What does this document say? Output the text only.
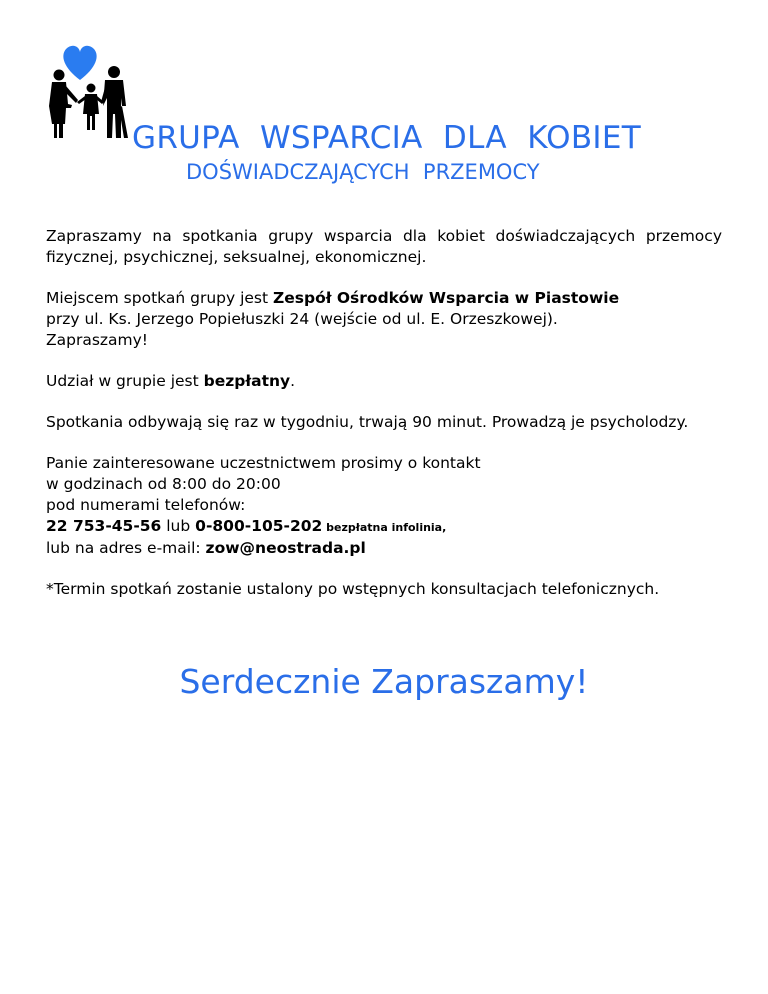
GRUPA  WSPARCIA  DLA  KOBIET
DOŚWIADCZAJĄCYCH  PRZEMOCY

Zapraszamy na spotkania grupy wsparcia dla kobiet doświadczających przemocy fizycznej, psychicznej, seksualnej, ekonomicznej.

Miejscem spotkań grupy jest Zespół Ośrodków Wsparcia w Piastowie
przy ul. Ks. Jerzego Popiełuszki 24 (wejście od ul. E. Orzeszkowej).
Zapraszamy!

Udział w grupie jest bezpłatny.

Spotkania odbywają się raz w tygodniu, trwają 90 minut. Prowadzą je psycholodzy.

Panie zainteresowane uczestnictwem prosimy o kontakt
w godzinach od 8:00 do 20:00
pod numerami telefonów:
22 753-45-56 lub 0-800-105-202 bezpłatna infolinia,
lub na adres e-mail: zow@neostrada.pl

*Termin spotkań zostanie ustalony po wstępnych konsultacjach telefonicznych.

Serdecznie Zapraszamy!
